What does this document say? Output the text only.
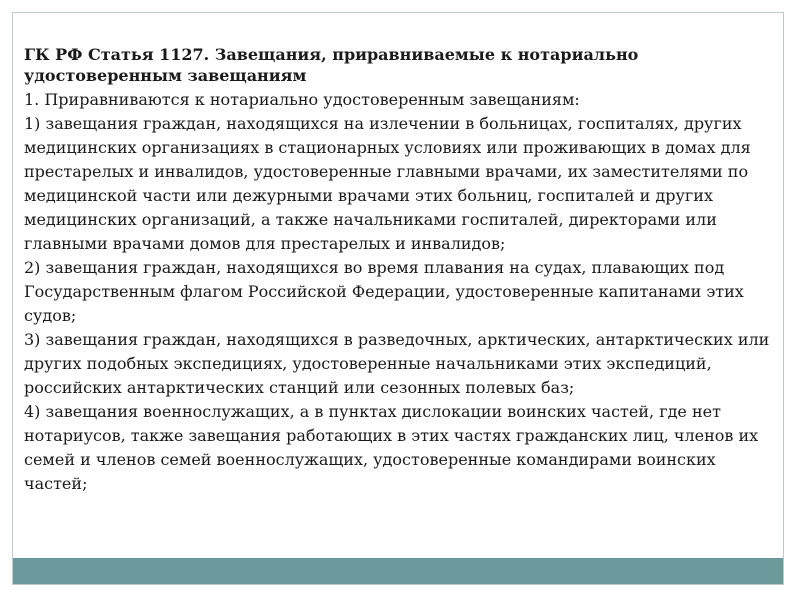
ГК РФ Статья 1127. Завещания, приравниваемые к нотариально удостоверенным завещаниям

1. Приравниваются к нотариально удостоверенным завещаниям:

1) завещания граждан, находящихся на излечении в больницах, госпиталях, других медицинских организациях в стационарных условиях или проживающих в домах для престарелых и инвалидов, удостоверенные главными врачами, их заместителями по медицинской части или дежурными врачами этих больниц, госпиталей и других медицинских организаций, а также начальниками госпиталей, директорами или главными врачами домов для престарелых и инвалидов;

2) завещания граждан, находящихся во время плавания на судах, плавающих под Государственным флагом Российской Федерации, удостоверенные капитанами этих судов;

3) завещания граждан, находящихся в разведочных, арктических, антарктических или других подобных экспедициях, удостоверенные начальниками этих экспедиций, российских антарктических станций или сезонных полевых баз;

4) завещания военнослужащих, а в пунктах дислокации воинских частей, где нет нотариусов, также завещания работающих в этих частях гражданских лиц, членов их семей и членов семей военнослужащих, удостоверенные командирами воинских частей;
